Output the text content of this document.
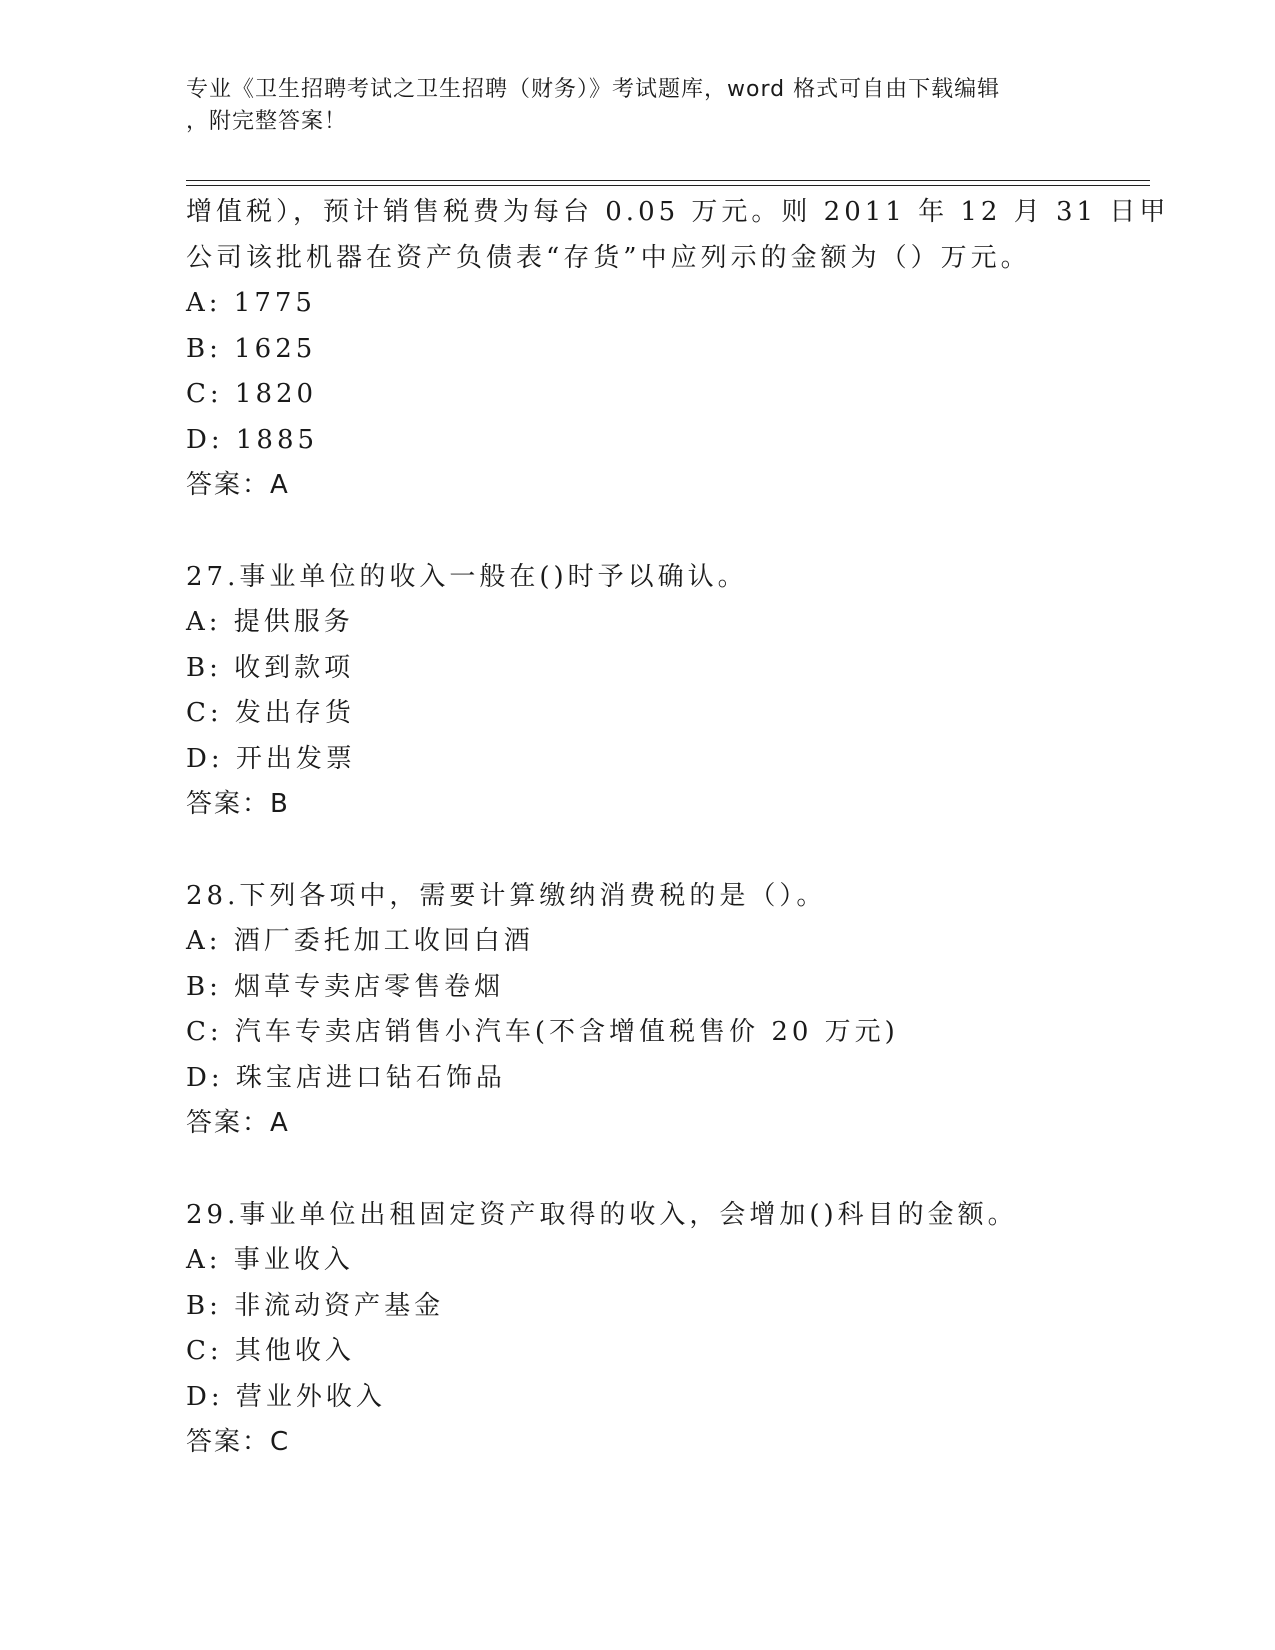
专业《卫生招聘考试之卫生招聘（财务）》考试题库，word 格式可自由下载编辑
，附完整答案！
增值税），预计销售税费为每台 0.05 万元。则 2011 年 12 月 31 日甲
公司该批机器在资产负债表“存货”中应列示的金额为（）万元。
A: 1775
B: 1625
C: 1820
D: 1885
答案：A
27.事业单位的收入一般在()时予以确认。
A: 提供服务
B: 收到款项
C: 发出存货
D: 开出发票
答案：B
28.下列各项中，需要计算缴纳消费税的是（）。
A: 酒厂委托加工收回白酒
B: 烟草专卖店零售卷烟
C: 汽车专卖店销售小汽车(不含增值税售价 20 万元)
D: 珠宝店进口钻石饰品
答案：A
29.事业单位出租固定资产取得的收入，会增加()科目的金额。
A: 事业收入
B: 非流动资产基金
C: 其他收入
D: 营业外收入
答案：C
